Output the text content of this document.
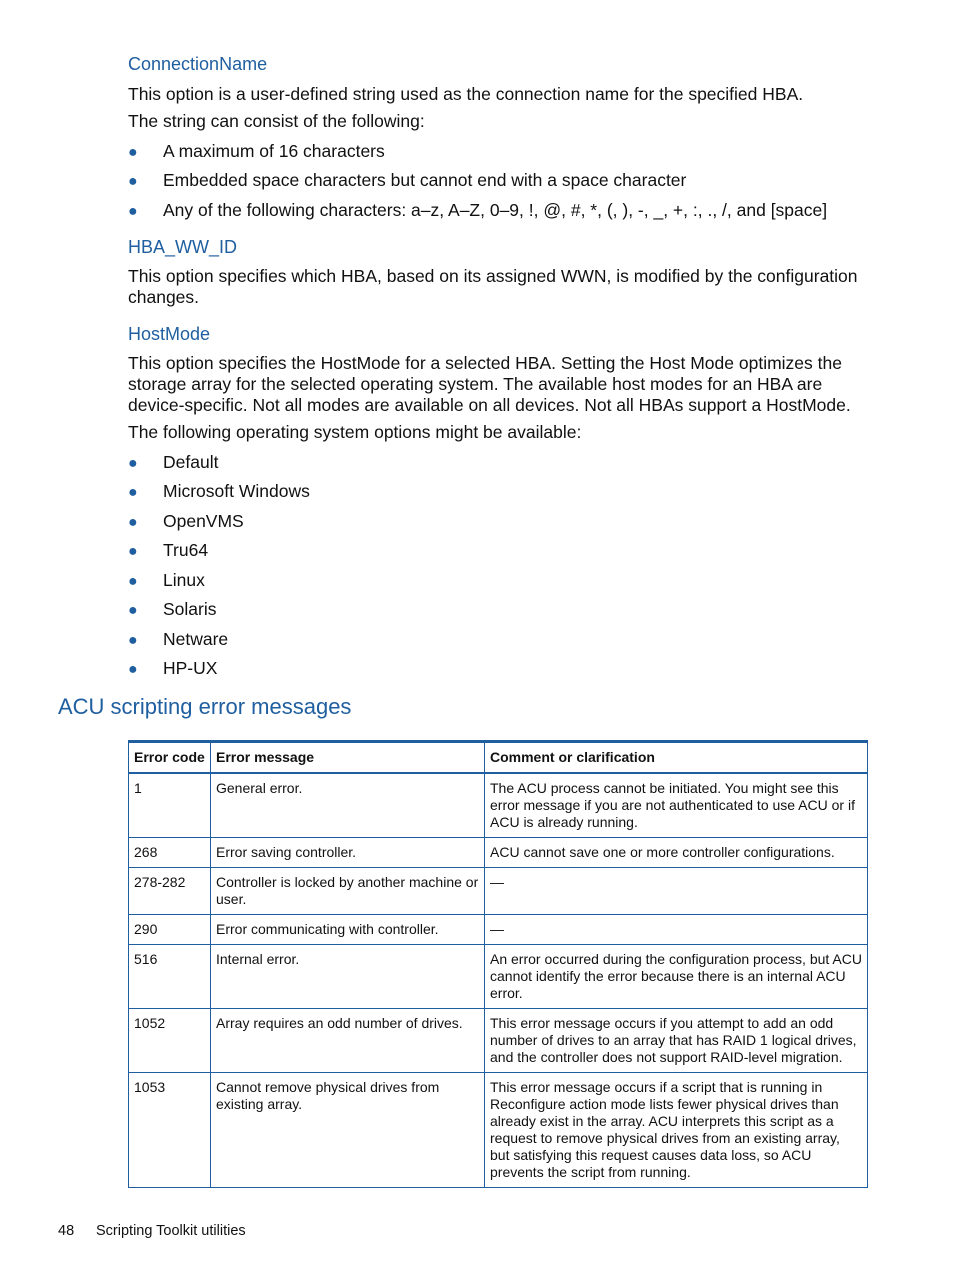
ConnectionName
This option is a user-defined string used as the connection name for the specified HBA.
The string can consist of the following:
● A maximum of 16 characters
● Embedded space characters but cannot end with a space character
● Any of the following characters: a–z, A–Z, 0–9, !, @, #, *, (, ), -, _, +, :, ., /, and [space]
HBA_WW_ID
This option specifies which HBA, based on its assigned WWN, is modified by the configuration changes.
HostMode
This option specifies the HostMode for a selected HBA. Setting the Host Mode optimizes the storage array for the selected operating system. The available host modes for an HBA are device-specific. Not all modes are available on all devices. Not all HBAs support a HostMode.
The following operating system options might be available:
● Default
● Microsoft Windows
● OpenVMS
● Tru64
● Linux
● Solaris
● Netware
● HP-UX
ACU scripting error messages
Error code	Error message	Comment or clarification
1	General error.	The ACU process cannot be initiated. You might see this error message if you are not authenticated to use ACU or if ACU is already running.
268	Error saving controller.	ACU cannot save one or more controller configurations.
278-282	Controller is locked by another machine or user.	—
290	Error communicating with controller.	—
516	Internal error.	An error occurred during the configuration process, but ACU cannot identify the error because there is an internal ACU error.
1052	Array requires an odd number of drives.	This error message occurs if you attempt to add an odd number of drives to an array that has RAID 1 logical drives, and the controller does not support RAID-level migration.
1053	Cannot remove physical drives from existing array.	This error message occurs if a script that is running in Reconfigure action mode lists fewer physical drives than already exist in the array. ACU interprets this script as a request to remove physical drives from an existing array, but satisfying this request causes data loss, so ACU prevents the script from running.
48 Scripting Toolkit utilities
